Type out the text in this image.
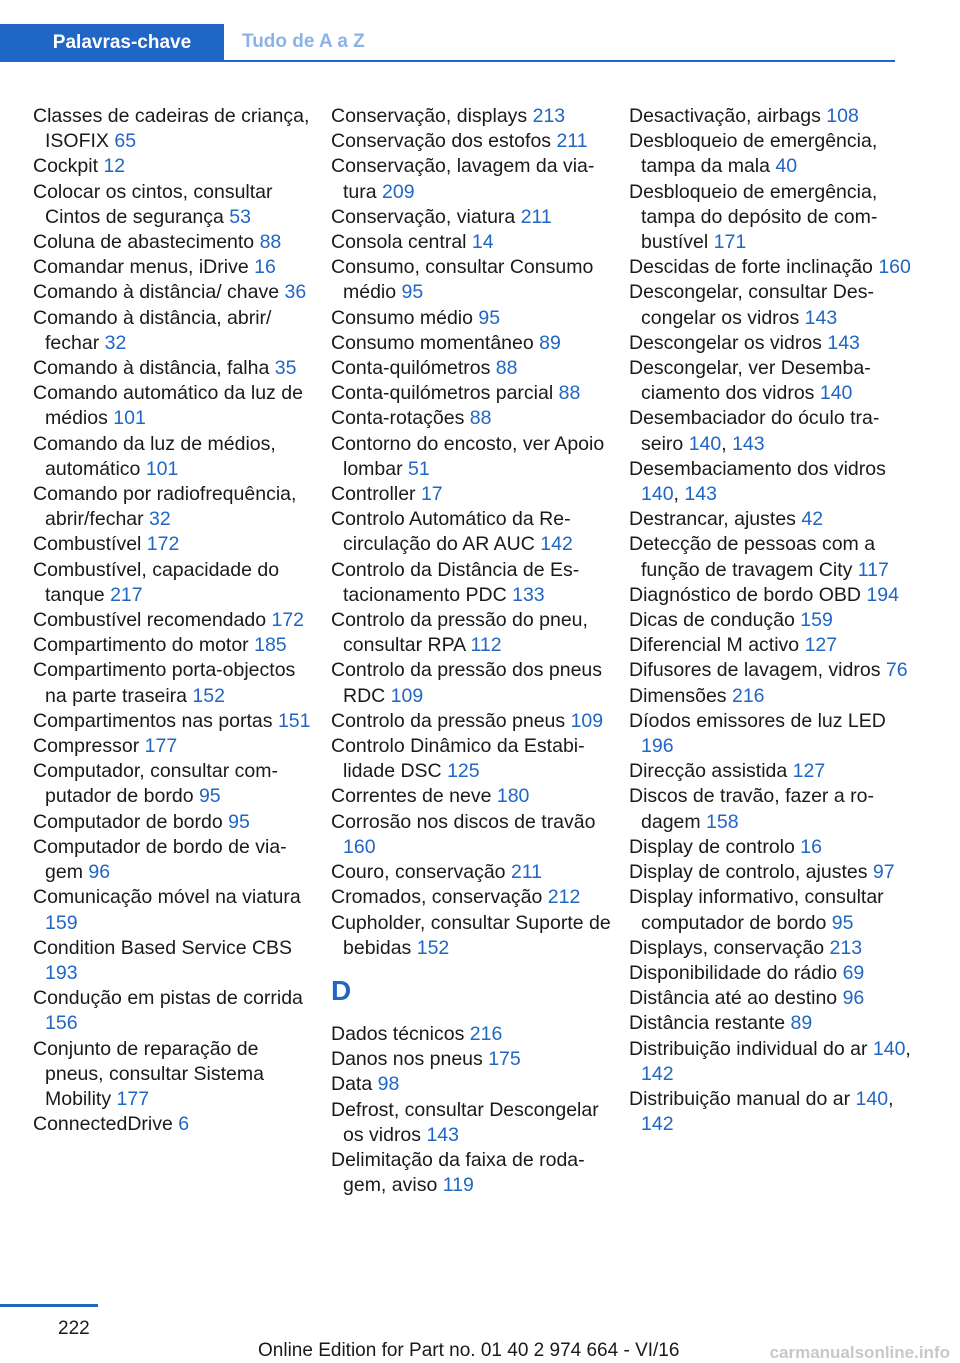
Palavras-chave	Tudo de A a Z
Classes de cadeiras de criança, ISOFIX 65
Cockpit 12
Colocar os cintos, consultar Cintos de segurança 53
Coluna de abastecimento 88
Comandar menus, iDrive 16
Comando à distância/ chave 36
Comando à distância, abrir/ fechar 32
Comando à distância, falha 35
Comando automático da luz de médios 101
Comando da luz de médios, automático 101
Comando por radiofrequência, abrir/fechar 32
Combustível 172
Combustível, capacidade do tanque 217
Combustível recomendado 172
Compartimento do motor 185
Compartimento porta-objectos na parte traseira 152
Compartimentos nas portas 151
Compressor 177
Computador, consultar computador de bordo 95
Computador de bordo 95
Computador de bordo de viagem 96
Comunicação móvel na viatura 159
Condition Based Service CBS 193
Condução em pistas de corrida 156
Conjunto de reparação de pneus, consultar Sistema Mobility 177
ConnectedDrive 6
Conservação, displays 213
Conservação dos estofos 211
Conservação, lavagem da viatura 209
Conservação, viatura 211
Consola central 14
Consumo, consultar Consumo médio 95
Consumo médio 95
Consumo momentâneo 89
Conta-quilómetros 88
Conta-quilómetros parcial 88
Conta-rotações 88
Contorno do encosto, ver Apoio lombar 51
Controller 17
Controlo Automático da Recirculação do AR AUC 142
Controlo da Distância de Estacionamento PDC 133
Controlo da pressão do pneu, consultar RPA 112
Controlo da pressão dos pneus RDC 109
Controlo da pressão pneus 109
Controlo Dinâmico da Estabilidade DSC 125
Correntes de neve 180
Corrosão nos discos de travão 160
Couro, conservação 211
Cromados, conservação 212
Cupholder, consultar Suporte de bebidas 152
D
Dados técnicos 216
Danos nos pneus 175
Data 98
Defrost, consultar Descongelar os vidros 143
Delimitação da faixa de rodagem, aviso 119
Desactivação, airbags 108
Desbloqueio de emergência, tampa da mala 40
Desbloqueio de emergência, tampa do depósito de combustível 171
Descidas de forte inclinação 160
Descongelar, consultar Descongelar os vidros 143
Descongelar os vidros 143
Descongelar, ver Desembaciamento dos vidros 140
Desembaciador do óculo traseiro 140, 143
Desembaciamento dos vidros 140, 143
Destrancar, ajustes 42
Detecção de pessoas com a função de travagem City 117
Diagnóstico de bordo OBD 194
Dicas de condução 159
Diferencial M activo 127
Difusores de lavagem, vidros 76
Dimensões 216
Díodos emissores de luz LED 196
Direcção assistida 127
Discos de travão, fazer a rodagem 158
Display de controlo 16
Display de controlo, ajustes 97
Display informativo, consultar computador de bordo 95
Displays, conservação 213
Disponibilidade do rádio 69
Distância até ao destino 96
Distância restante 89
Distribuição individual do ar 140, 142
Distribuição manual do ar 140, 142
222
Online Edition for Part no. 01 40 2 974 664 - VI/16	carmanualsonline.info
